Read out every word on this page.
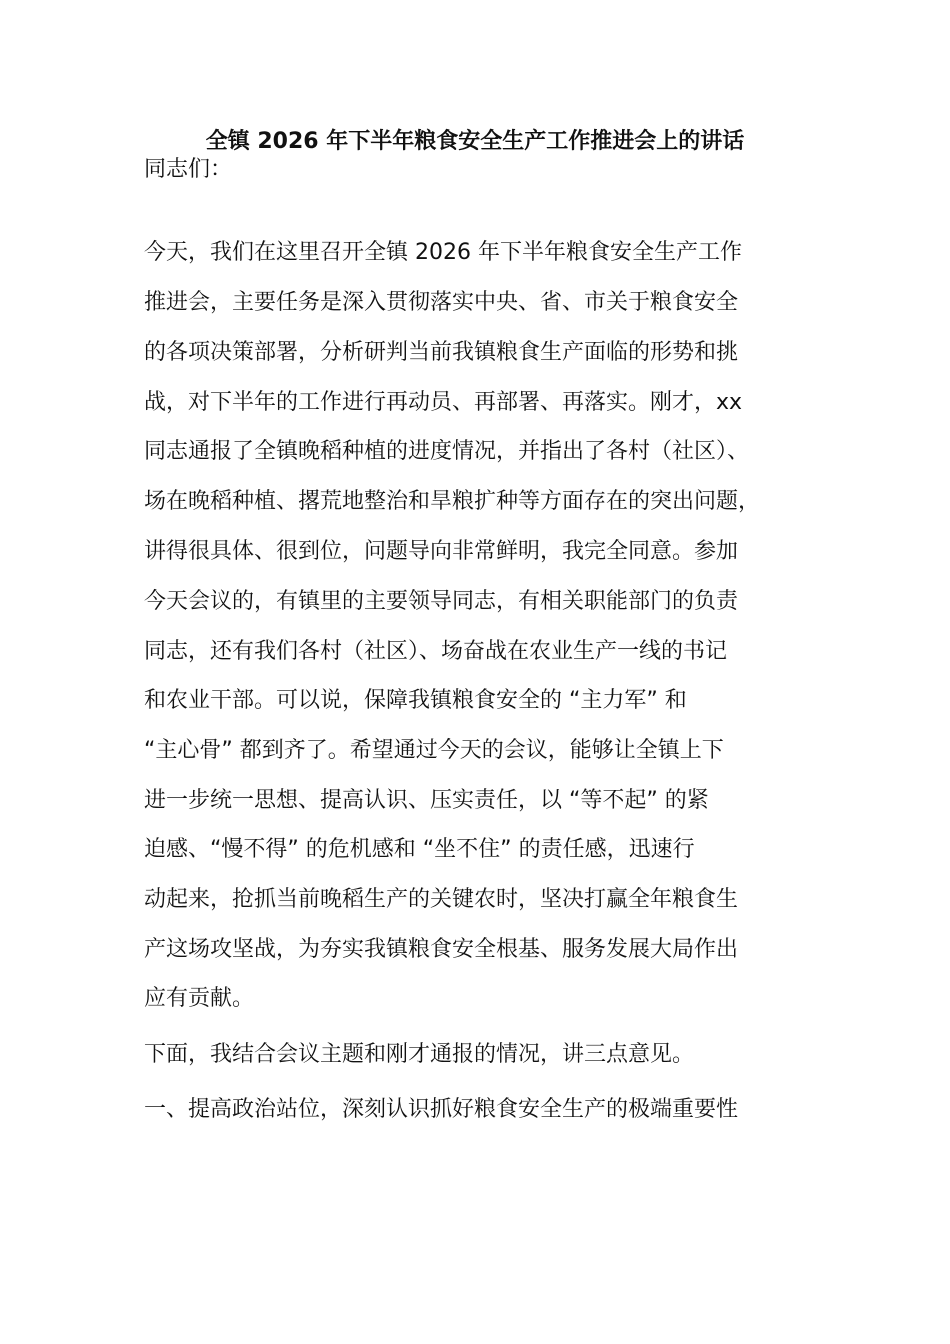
全镇 2026 年下半年粮食安全生产工作推进会上的讲话

同志们：

今天，我们在这里召开全镇 2026 年下半年粮食安全生产工作

推进会，主要任务是深入贯彻落实中央、省、市关于粮食安全

的各项决策部署，分析研判当前我镇粮食生产面临的形势和挑

战，对下半年的工作进行再动员、再部署、再落实。刚才，xx

同志通报了全镇晚稻种植的进度情况，并指出了各村（社区）、

场在晚稻种植、撂荒地整治和旱粮扩种等方面存在的突出问题，

讲得很具体、很到位，问题导向非常鲜明，我完全同意。参加

今天会议的，有镇里的主要领导同志，有相关职能部门的负责

同志，还有我们各村（社区）、场奋战在农业生产一线的书记

和农业干部。可以说，保障我镇粮食安全的 “主力军” 和

“主心骨” 都到齐了。希望通过今天的会议，能够让全镇上下

进一步统一思想、提高认识、压实责任，以 “等不起” 的紧

迫感、“慢不得” 的危机感和 “坐不住” 的责任感，迅速行

动起来，抢抓当前晚稻生产的关键农时，坚决打赢全年粮食生

产这场攻坚战，为夯实我镇粮食安全根基、服务发展大局作出

应有贡献。

下面，我结合会议主题和刚才通报的情况，讲三点意见。

一、提高政治站位，深刻认识抓好粮食安全生产的极端重要性
